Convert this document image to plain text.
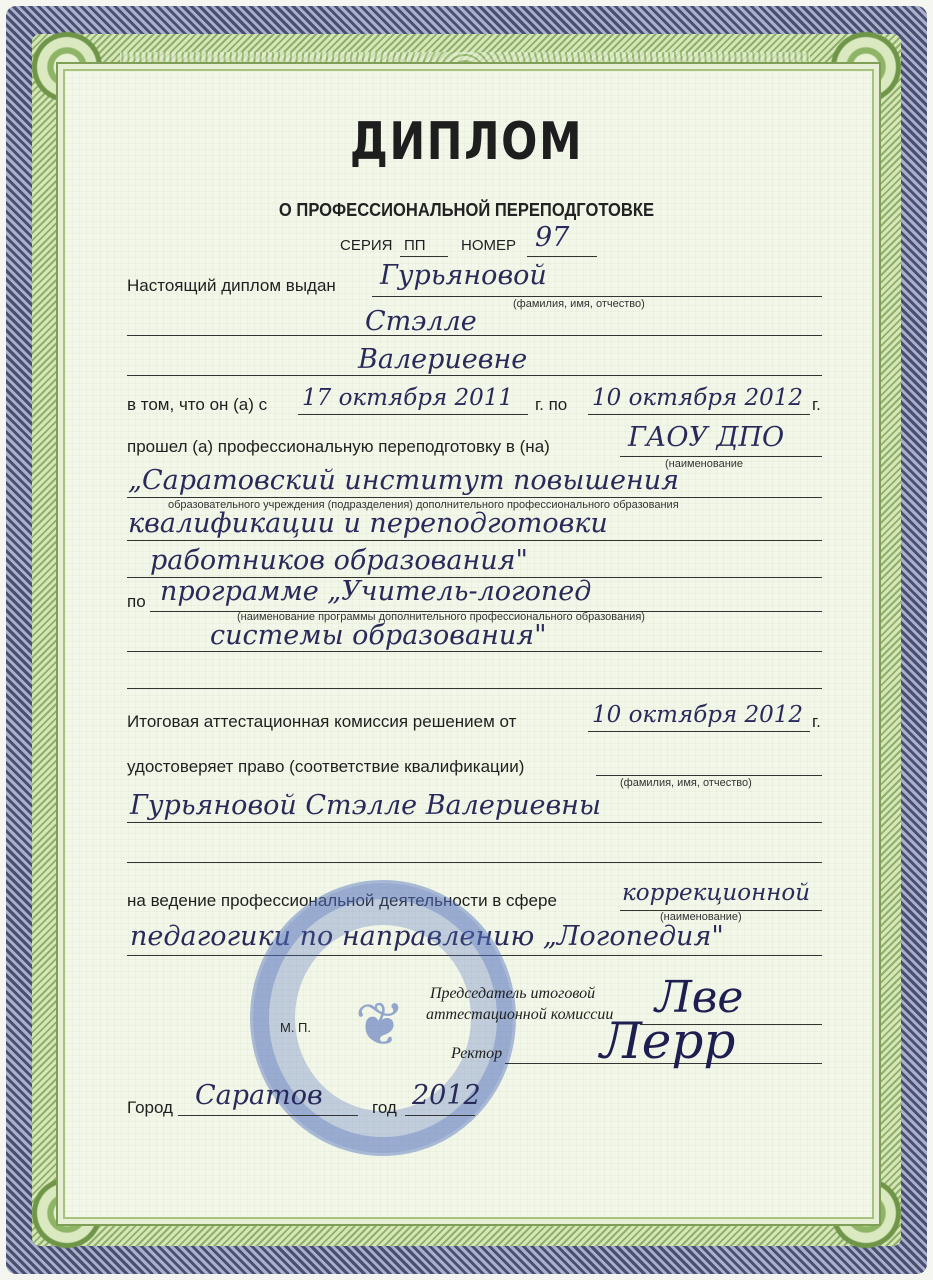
ДИПЛОМ
О ПРОФЕССИОНАЛЬНОЙ ПЕРЕПОДГОТОВКЕ
СЕРИЯ ПП НОМЕР 97
Настоящий диплом выдан Гурьяновой
(фамилия, имя, отчество)
Стэлле
Валериевне
в том, что он (а) с 17 октября 2011 г. по 10 октября 2012 г.
прошел (а) профессиональную переподготовку в (на)	ГАОУ ДПО
(наименование
„Саратовский институт повышения
образовательного учреждения (подразделения) дополнительного профессионального образования
квалификации и переподготовки
работников образования"
по программе „Учитель-логопед
(наименование программы дополнительного профессионального образования)
системы образования"
Итоговая аттестационная комиссия решением от	10 октября 2012 г.
удостоверяет право (соответствие квалификации)
(фамилия, имя, отчество)
Гурьяновой Стэлле Валериевны
на ведение профессиональной деятельности в сфере	коррекционной
(наименование)
педагогики по направлению „Логопедия"
❦	Председатель итоговой
аттестационной комиссии Лве
М. П.
Ректор Лерр
Город Саратов	год 2012
